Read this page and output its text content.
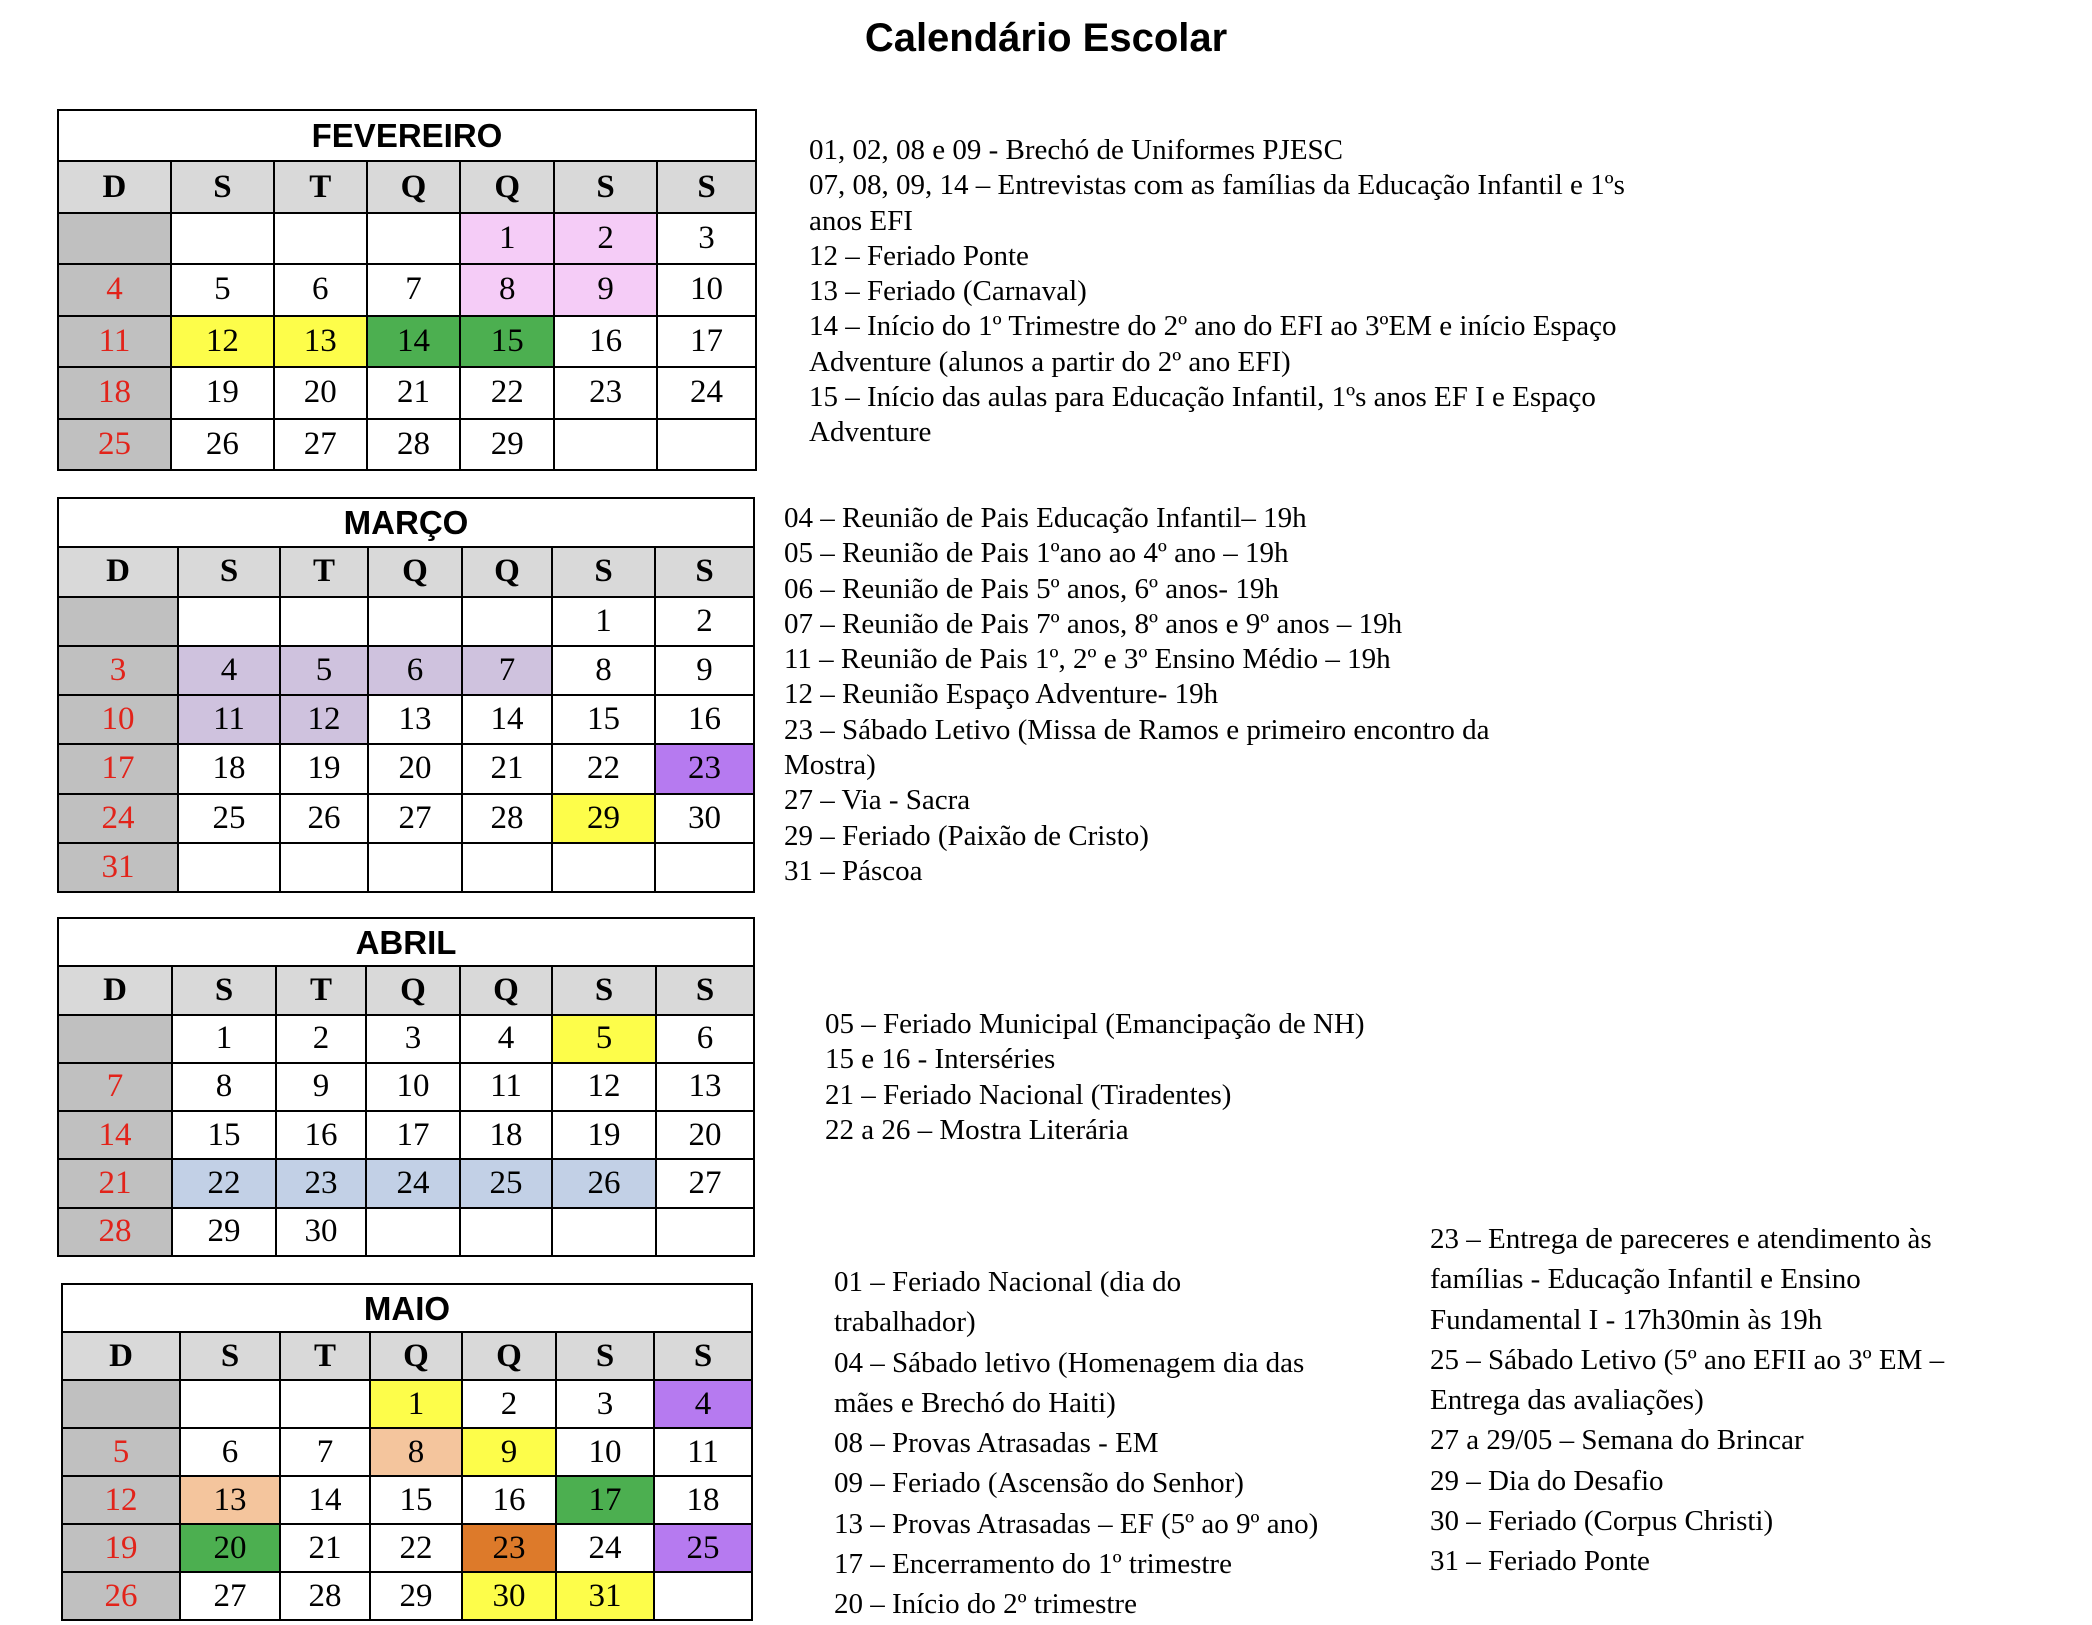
Calendário Escolar
FEVEREIRO						
D	S	T	Q	Q	S	S
				1	2	3
4	5	6	7	8	9	10
11	12	13	14	15	16	17
18	19	20	21	22	23	24
25	26	27	28	29		
01, 02, 08 e 09 - Brechó de Uniformes PJESC
07, 08, 09, 14 – Entrevistas com as famílias da Educação Infantil e 1ºs
anos EFI
12 – Feriado Ponte
13 – Feriado (Carnaval)
14 – Início do 1º Trimestre do 2º ano do EFI ao 3ºEM e início Espaço
Adventure (alunos a partir do 2º ano EFI)
15 – Início das aulas para Educação Infantil, 1ºs anos EF I e Espaço
Adventure
MARÇO						
D	S	T	Q	Q	S	S
					1	2
3	4	5	6	7	8	9
10	11	12	13	14	15	16
17	18	19	20	21	22	23
24	25	26	27	28	29	30
31						
04 – Reunião de Pais Educação Infantil– 19h
05 – Reunião de Pais 1ºano ao 4º ano – 19h
06 – Reunião de Pais 5º anos, 6º anos- 19h
07 – Reunião de Pais 7º anos, 8º anos e 9º anos – 19h
11 – Reunião de Pais 1º, 2º e 3º Ensino Médio – 19h
12 – Reunião Espaço Adventure- 19h
23 – Sábado Letivo (Missa de Ramos e primeiro encontro da
Mostra)
27 – Via - Sacra
29 – Feriado (Paixão de Cristo)
31 – Páscoa
ABRIL						
D	S	T	Q	Q	S	S
	1	2	3	4	5	6
7	8	9	10	11	12	13
14	15	16	17	18	19	20
21	22	23	24	25	26	27
28	29	30				
05 – Feriado Municipal (Emancipação de NH)
15 e 16 - Interséries
21 – Feriado Nacional (Tiradentes)
22 a 26 – Mostra Literária
MAIO						
D	S	T	Q	Q	S	S
			1	2	3	4
5	6	7	8	9	10	11
12	13	14	15	16	17	18
19	20	21	22	23	24	25
26	27	28	29	30	31	
01 – Feriado Nacional (dia do
trabalhador)
04 – Sábado letivo (Homenagem dia das
mães e Brechó do Haiti)
08 – Provas Atrasadas - EM
09 – Feriado (Ascensão do Senhor)
13 – Provas Atrasadas – EF (5º ao 9º ano)
17 – Encerramento do 1º trimestre
20 – Início do 2º trimestre
23 – Entrega de pareceres e atendimento às
famílias - Educação Infantil e Ensino
Fundamental I - 17h30min às 19h
25 – Sábado Letivo (5º ano EFII ao 3º EM –
Entrega das avaliações)
27 a 29/05 – Semana do Brincar
29 – Dia do Desafio
30 – Feriado (Corpus Christi)
31 – Feriado Ponte
